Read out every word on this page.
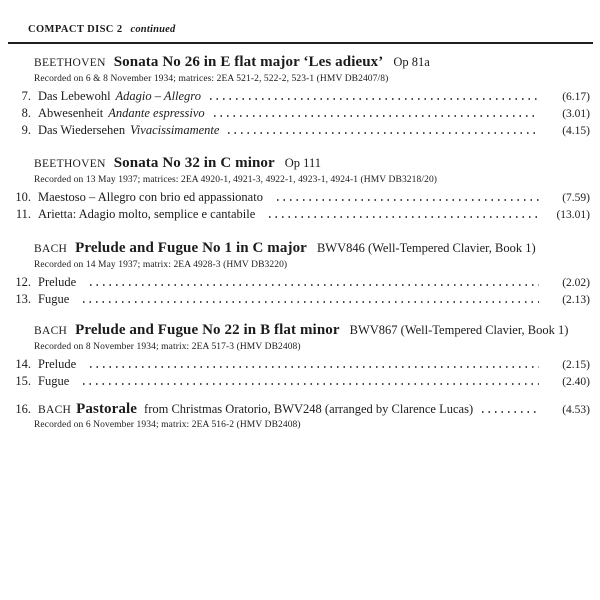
COMPACT DISC 2 continued
BEETHOVEN Sonata No 26 in E flat major ‘Les adieux’ Op 81a
Recorded on 6 & 8 November 1934; matrices: 2EA 521-2, 522-2, 523-1 (HMV DB2407/8)
7. Das Lebewohl Adagio – Allegro	(6.17)
8. Abwesenheit Andante espressivo	(3.01)
9. Das Wiedersehen Vivacissimamente	(4.15)
BEETHOVEN Sonata No 32 in C minor Op 111
Recorded on 13 May 1937; matrices: 2EA 4920-1, 4921-3, 4922-1, 4923-1, 4924-1 (HMV DB3218/20)
10. Maestoso – Allegro con brio ed appassionato	(7.59)
11. Arietta: Adagio molto, semplice e cantabile	(13.01)
BACH Prelude and Fugue No 1 in C major BWV846 (Well-Tempered Clavier, Book 1)
Recorded on 14 May 1937; matrix: 2EA 4928-3 (HMV DB3220)
12. Prelude	(2.02)
13. Fugue	(2.13)
BACH Prelude and Fugue No 22 in B flat minor BWV867 (Well-Tempered Clavier, Book 1)
Recorded on 8 November 1934; matrix: 2EA 517-3 (HMV DB2408)
14. Prelude	(2.15)
15. Fugue	(2.40)
16. BACH Pastorale from Christmas Oratorio, BWV248 (arranged by Clarence Lucas)	(4.53)
Recorded on 6 November 1934; matrix: 2EA 516-2 (HMV DB2408)
